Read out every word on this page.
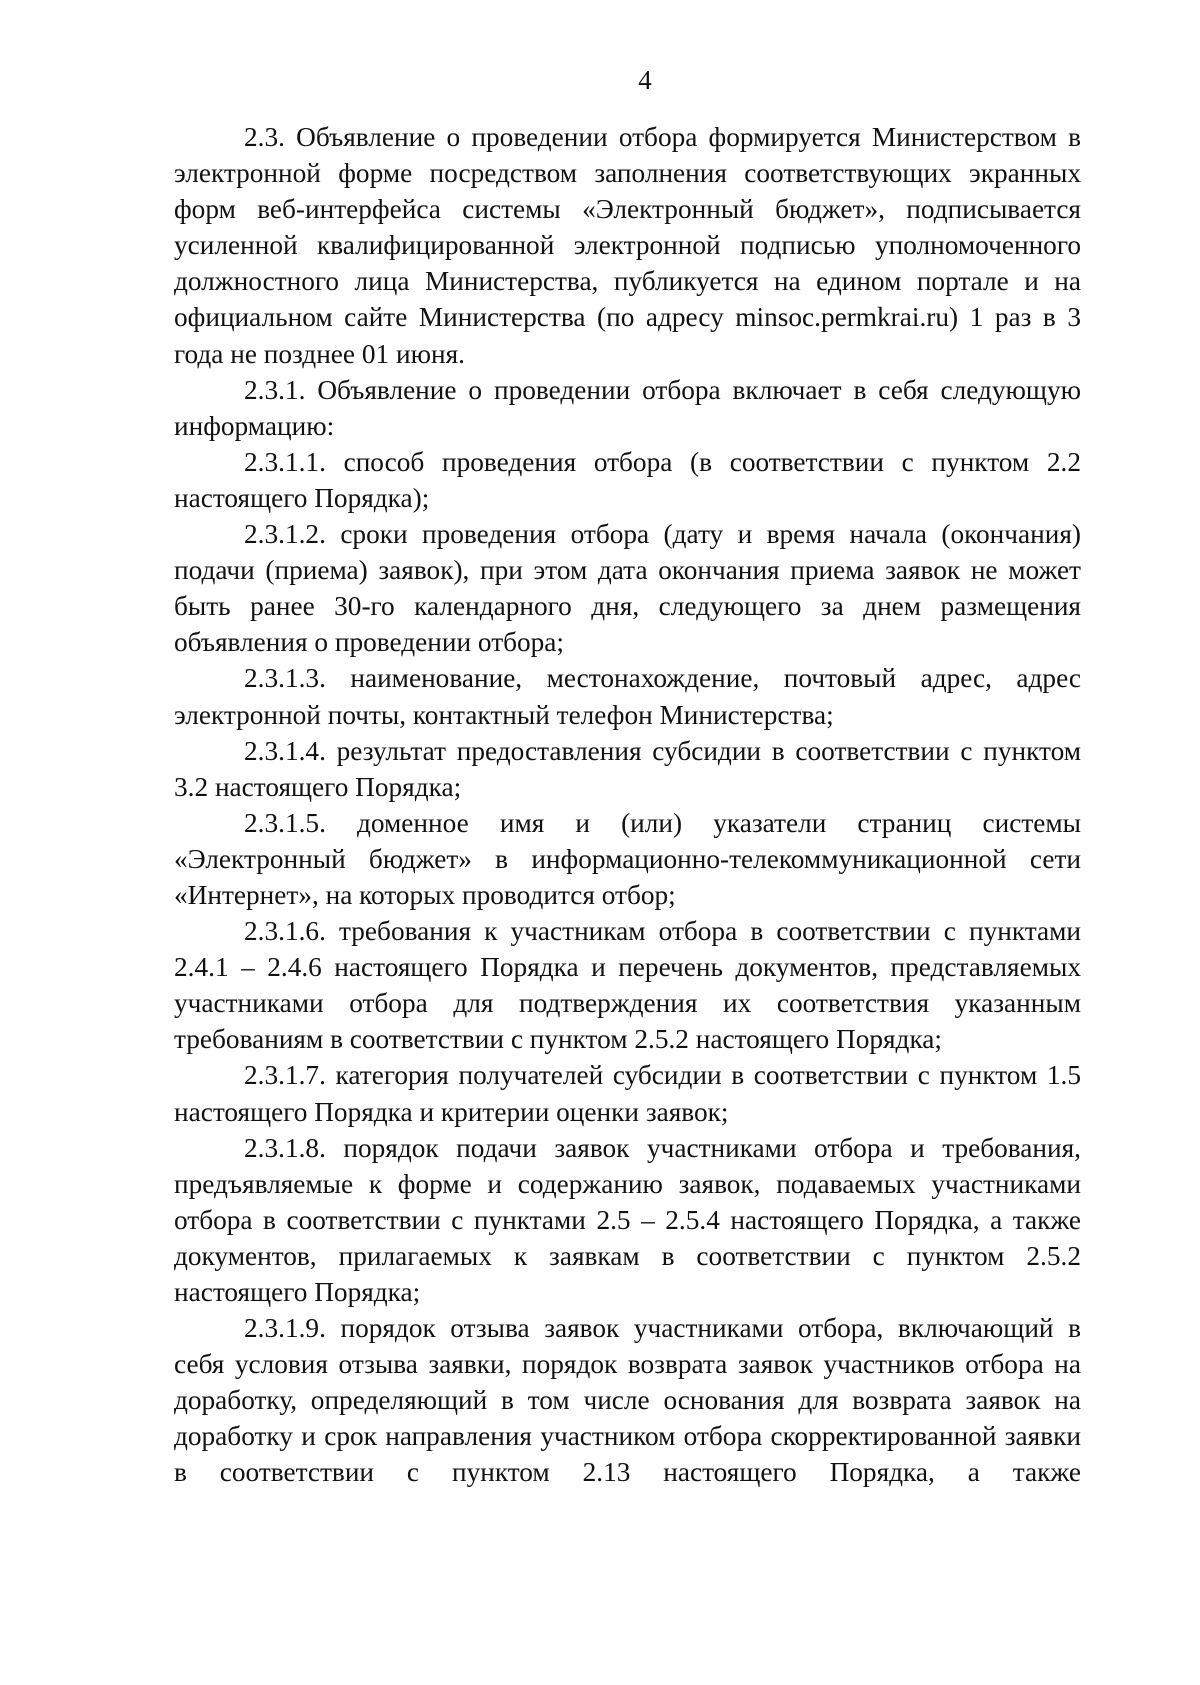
4

2.3. Объявление о проведении отбора формируется Министерством в электронной форме посредством заполнения соответствующих экранных форм веб-интерфейса системы «Электронный бюджет», подписывается усиленной квалифицированной электронной подписью уполномоченного должностного лица Министерства, публикуется на едином портале и на официальном сайте Министерства (по адресу minsoc.permkrai.ru) 1 раз в 3 года не позднее 01 июня.

2.3.1. Объявление о проведении отбора включает в себя следующую информацию:

2.3.1.1. способ проведения отбора (в соответствии с пунктом 2.2 настоящего Порядка);

2.3.1.2. сроки проведения отбора (дату и время начала (окончания) подачи (приема) заявок), при этом дата окончания приема заявок не может быть ранее 30-го календарного дня, следующего за днем размещения объявления о проведении отбора;

2.3.1.3. наименование, местонахождение, почтовый адрес, адрес электронной почты, контактный телефон Министерства;

2.3.1.4. результат предоставления субсидии в соответствии с пунктом 3.2 настоящего Порядка;

2.3.1.5. доменное имя и (или) указатели страниц системы «Электронный бюджет» в информационно-телекоммуникационной сети «Интернет», на которых проводится отбор;

2.3.1.6. требования к участникам отбора в соответствии с пунктами 2.4.1 – 2.4.6 настоящего Порядка и перечень документов, представляемых участниками отбора для подтверждения их соответствия указанным требованиям в соответствии с пунктом 2.5.2 настоящего Порядка;

2.3.1.7. категория получателей субсидии в соответствии с пунктом 1.5 настоящего Порядка и критерии оценки заявок;

2.3.1.8. порядок подачи заявок участниками отбора и требования, предъявляемые к форме и содержанию заявок, подаваемых участниками отбора в соответствии с пунктами 2.5 – 2.5.4 настоящего Порядка, а также документов, прилагаемых к заявкам в соответствии с пунктом 2.5.2 настоящего Порядка;

2.3.1.9. порядок отзыва заявок участниками отбора, включающий в себя условия отзыва заявки, порядок возврата заявок участников отбора на доработку, определяющий в том числе основания для возврата заявок на доработку и срок направления участником отбора скорректированной заявки в соответствии с пунктом 2.13 настоящего Порядка, а также
